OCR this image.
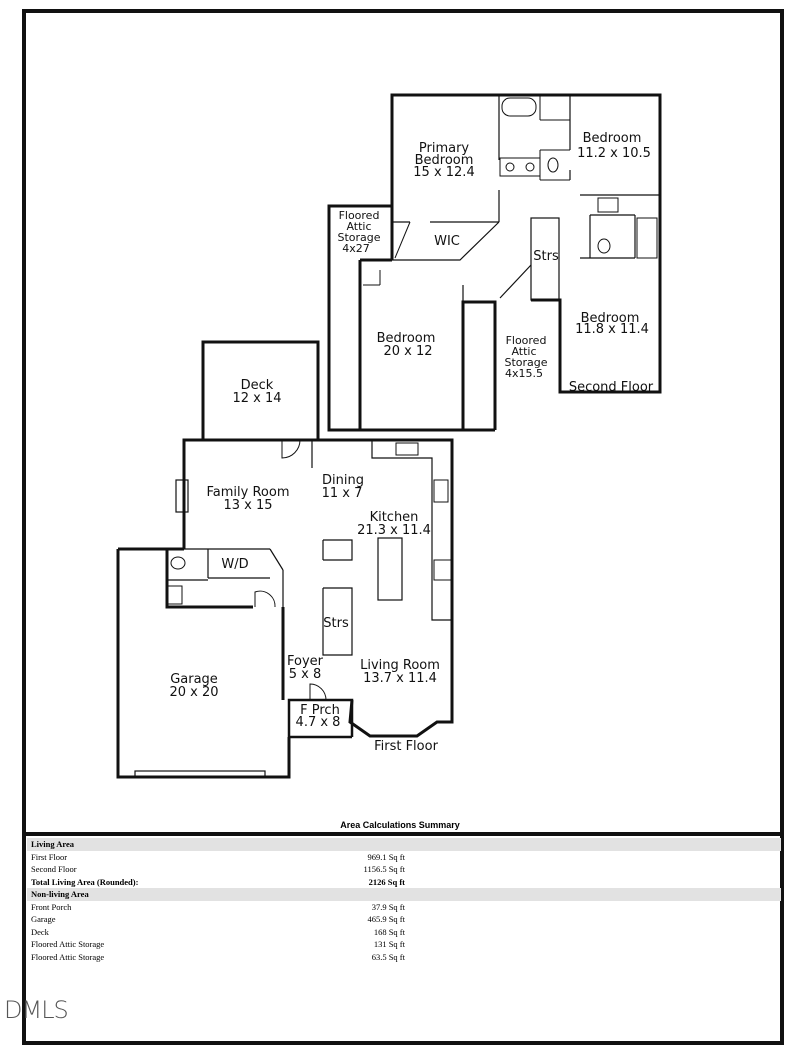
Primary
Bedroom
15 x 12.4
Bedroom
11.2 x 10.5
Floored
Attic
Storage
4x27	WIC
Strs
Bedroom
11.8 x 11.4
Bedroom
20 x 12
Floored
Attic
Storage
4x15.5
Second Floor
Deck
12 x 14
Family Room
13 x 15
Dining
11 x 7
Kitchen
21.3 x 11.4
W/D
Strs
Foyer
5 x 8
Living Room
13.7 x 11.4
Garage
20 x 20
F Prch
4.7 x 8
First Floor
Area Calculations Summary
Living Area
First Floor	969.1 Sq ft
Second Floor	1156.5 Sq ft
Total Living Area (Rounded):	2126 Sq ft
Non-living Area
Front Porch	37.9 Sq ft
Garage	465.9 Sq ft
Deck	168 Sq ft
Floored Attic Storage	131 Sq ft
Floored Attic Storage	63.5 Sq ft
DMLS
